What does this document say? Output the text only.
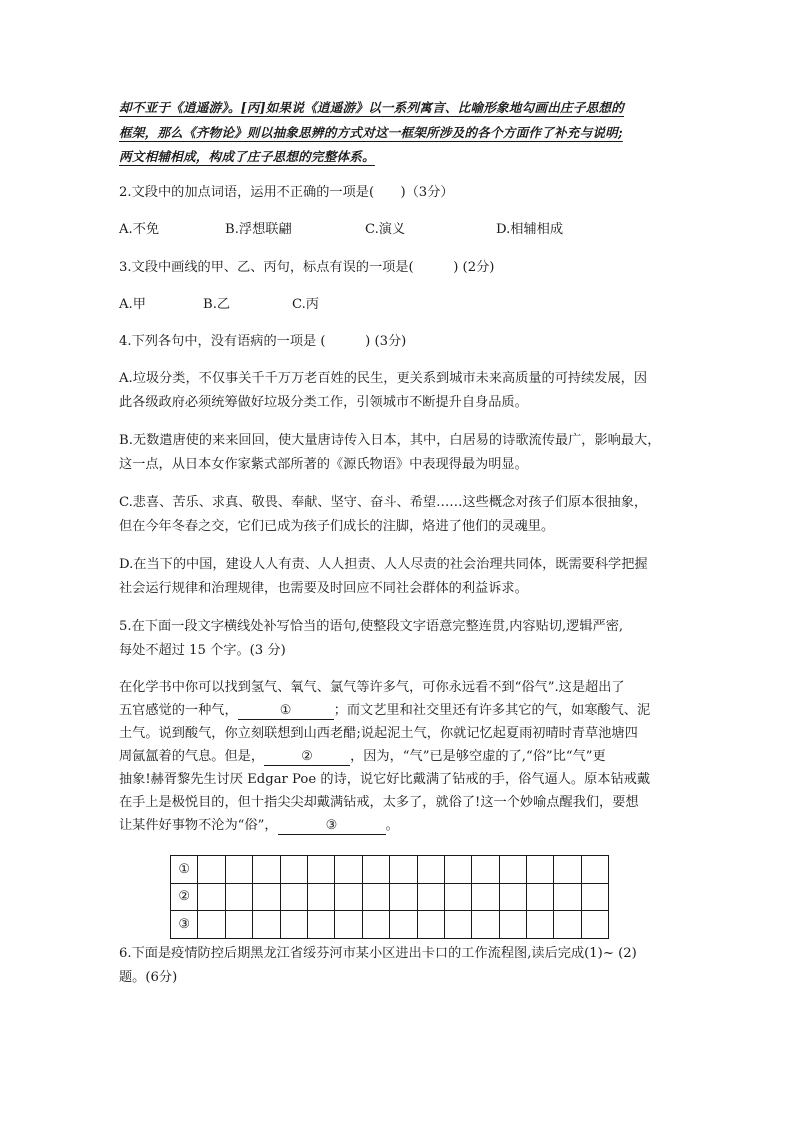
却不亚于《逍遥游》。[丙]如果说《逍遥游》以一系列寓言、比喻形象地勾画出庄子思想的
框架，那么《齐物论》则以抽象思辨的方式对这一框架所涉及的各个方面作了补充与说明;
两文相辅相成，构成了庄子思想的完整体系。
2.文段中的加点词语，运用不正确的一项是(　　)（3分）
A.不免	B.浮想联翩	C.演义	D.相辅相成
3.文段中画线的甲、乙、丙句，标点有误的一项是(　　　) (2分)
A.甲	B.乙	C.丙
4.下列各句中，没有语病的一项是 (　　　) (3分)
A.垃圾分类，不仅事关千千万万老百姓的民生，更关系到城市未来高质量的可持续发展，因
此各级政府必须统筹做好垃圾分类工作，引领城市不断提升自身品质。
B.无数遣唐使的来来回回，使大量唐诗传入日本，其中，白居易的诗歌流传最广，影响最大，
这一点，从日本女作家紫式部所著的《源氏物语》中表现得最为明显。
C.悲喜、苦乐、求真、敬畏、奉献、坚守、奋斗、希望……这些概念对孩子们原本很抽象，
但在今年冬春之交，它们已成为孩子们成长的注脚，烙进了他们的灵魂里。
D.在当下的中国，建设人人有责、人人担责、人人尽责的社会治理共同体，既需要科学把握
社会运行规律和治理规律，也需要及时回应不同社会群体的利益诉求。
5.在下面一段文字横线处补写恰当的语句,使整段文字语意完整连贯,内容贴切,逻辑严密,
每处不超过 15 个字。(3 分)
在化学书中你可以找到氢气、氧气、氯气等许多气，可你永远看不到“俗气”.这是超出了
五官感觉的一种气，	①	；而文艺里和社交里还有许多其它的气，如寒酸气、泥
土气。说到酸气，你立刻联想到山西老醋;说起泥土气，你就记忆起夏雨初晴时青草池塘四
周氤氲着的气息。但是，	②	，因为，“气”已是够空虚的了,“俗”比“气”更
抽象!赫胥黎先生讨厌 Edgar Poe 的诗，说它好比戴满了钻戒的手，俗气逼人。原本钻戒戴
在手上是极悦目的，但十指尖尖却戴满钻戒，太多了，就俗了!这一个妙喻点醒我们，要想
让某件好事物不沦为“俗”，	③	。
①															
②															
③															
6.下面是疫情防控后期黑龙江省绥芬河市某小区进出卡口的工作流程图,读后完成(1)~ (2)
题。(6分)
